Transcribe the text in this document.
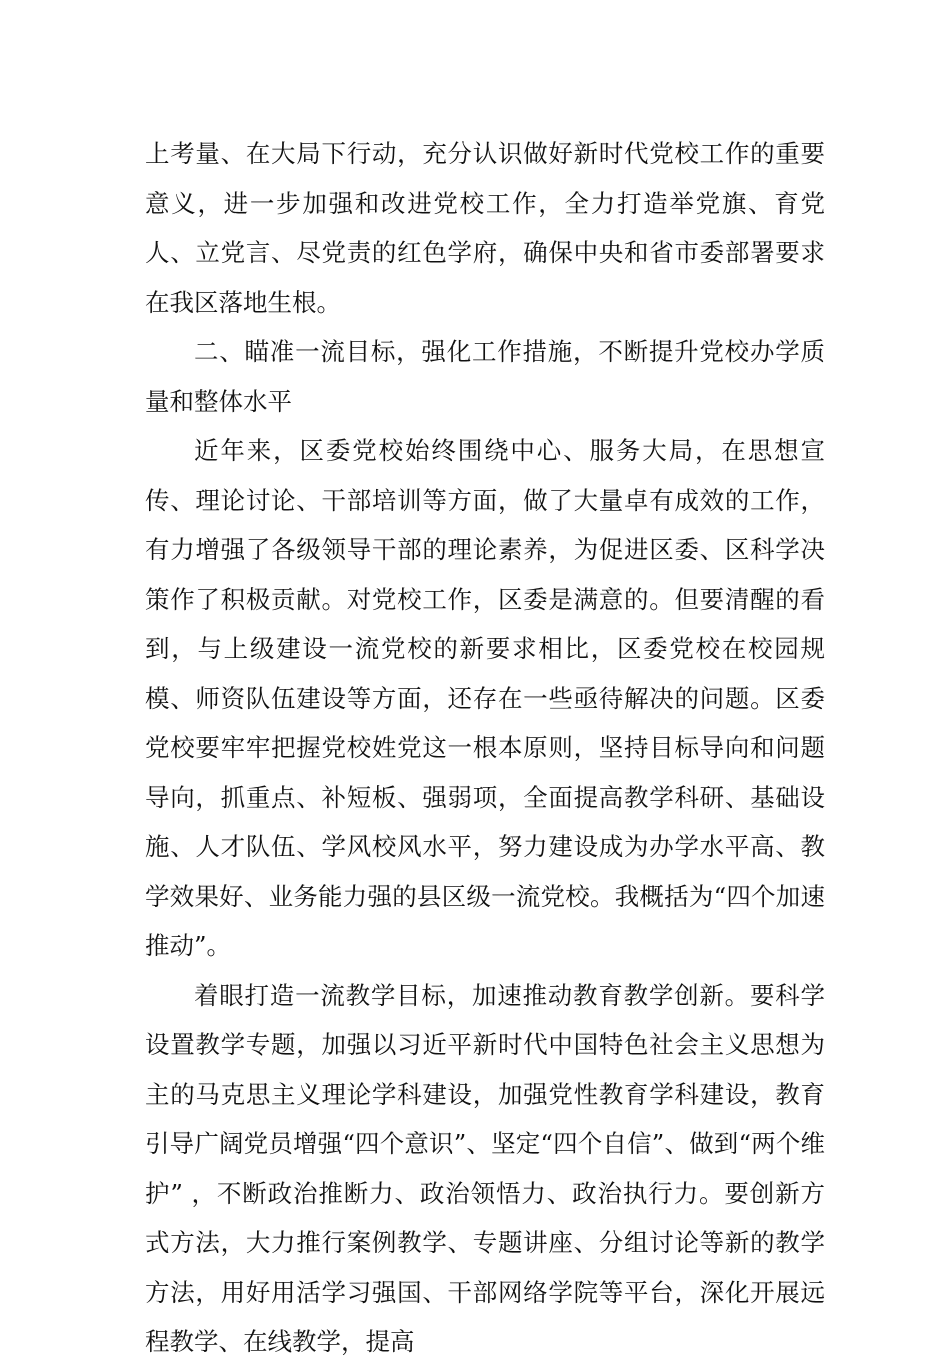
上考量、在大局下行动，充分认识做好新时代党校工作的重要意义，进一步加强和改进党校工作，全力打造举党旗、育党人、立党言、尽党责的红色学府，确保中央和省市委部署要求在我区落地生根。

二、瞄准一流目标，强化工作措施，不断提升党校办学质量和整体水平

近年来，区委党校始终围绕中心、服务大局，在思想宣传、理论讨论、干部培训等方面，做了大量卓有成效的工作，有力增强了各级领导干部的理论素养，为促进区委、区科学决策作了积极贡献。对党校工作，区委是满意的。但要清醒的看到，与上级建设一流党校的新要求相比，区委党校在校园规模、师资队伍建设等方面，还存在一些亟待解决的问题。区委党校要牢牢把握党校姓党这一根本原则，坚持目标导向和问题导向，抓重点、补短板、强弱项，全面提高教学科研、基础设施、人才队伍、学风校风水平，努力建设成为办学水平高、教学效果好、业务能力强的县区级一流党校。我概括为“四个加速推动”。

着眼打造一流教学目标，加速推动教育教学创新。要科学设置教学专题，加强以习近平新时代中国特色社会主义思想为主的马克思主义理论学科建设，加强党性教育学科建设，教育引导广阔党员增强“四个意识”、坚定“四个自信”、做到“两个维护” ，不断政治推断力、政治领悟力、政治执行力。要创新方式方法，大力推行案例教学、专题讲座、分组讨论等新的教学方法，用好用活学习强国、干部网络学院等平台，深化开展远程教学、在线教学，提高
